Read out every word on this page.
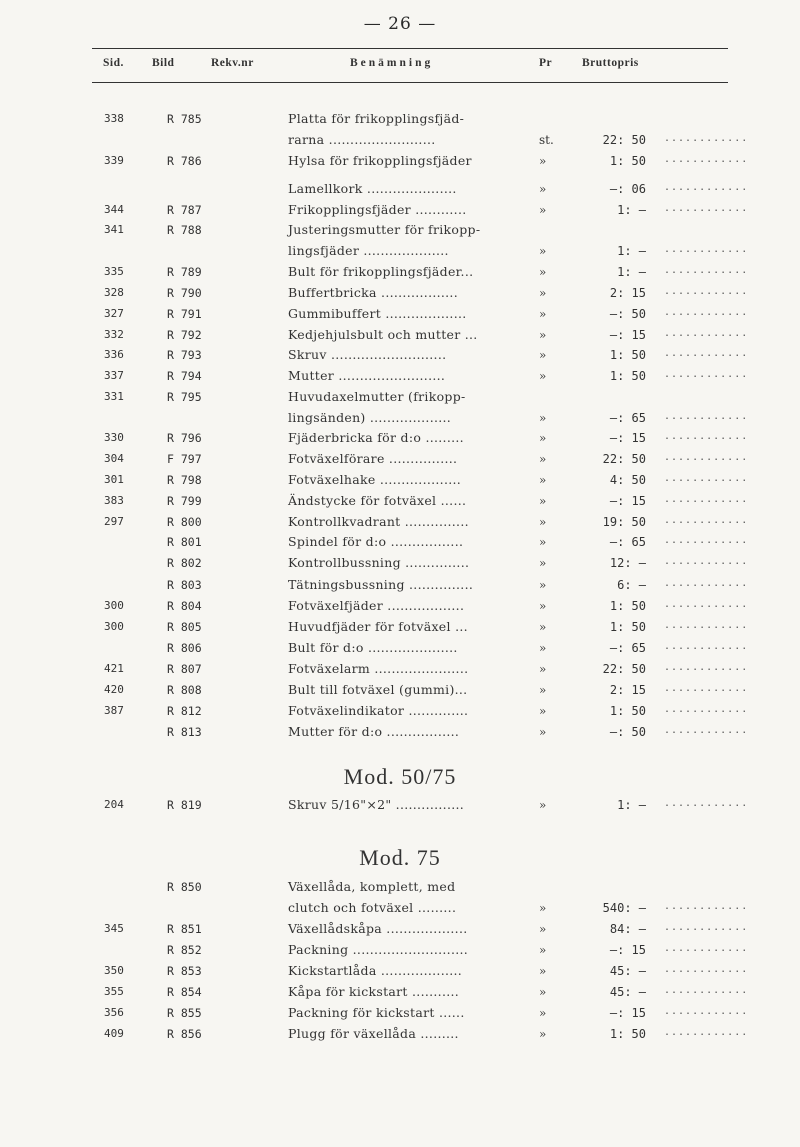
— 26 —
Sid. Bild	Rekv.nr	Benämning	Pr	Bruttopris
338	R 785	Platta för frikopplingsfjäd-
rarna .........................	st.	22: 50 ............
339	R 786	Hylsa för frikopplingsfjäder	»	1: 50 ............
Lamellkork .....................	»	—: 06 ............
344	R 787	Frikopplingsfjäder ............	»	1: — ............
341	R 788	Justeringsmutter för frikopp-
lingsfjäder ....................	»	1: — ............
335	R 789	Bult för frikopplingsfjäder...	»	1: — ............
328	R 790	Buffertbricka ..................	»	2: 15 ............
327	R 791	Gummibuffert ...................	»	—: 50 ............
332	R 792	Kedjehjulsbult och mutter ...	»	—: 15 ............
336	R 793	Skruv ...........................	»	1: 50 ............
337	R 794	Mutter .........................	»	1: 50 ............
331	R 795	Huvudaxelmutter (frikopp-
lingsänden) ...................	»	—: 65 ............
330	R 796	Fjäderbricka för d:o .........	»	—: 15 ............
304	F 797	Fotväxelförare ................	»	22: 50 ............
301	R 798	Fotväxelhake ...................	»	4: 50 ............
383	R 799	Ändstycke för fotväxel ......	»	—: 15 ............
297	R 800	Kontrollkvadrant ...............	»	19: 50 ............
R 801	Spindel för d:o .................	»	—: 65 ............
R 802	Kontrollbussning ...............	»	12: — ............
R 803	Tätningsbussning ...............	»	6: — ............
300	R 804	Fotväxelfjäder ..................	»	1: 50 ............
300	R 805	Huvudfjäder för fotväxel ...	»	1: 50 ............
R 806	Bult för d:o .....................	»	—: 65 ............
421	R 807	Fotväxelarm ......................	»	22: 50 ............
420	R 808	Bult till fotväxel (gummi)...	»	2: 15 ............
387	R 812	Fotväxelindikator ..............	»	1: 50 ............
R 813	Mutter för d:o .................	»	—: 50 ............
204	R 819	Skruv 5/16"×2" ................	»	1: — ............
R 850	Växellåda, komplett, med
clutch och fotväxel .........	»	540: — ............
345	R 851	Växellådskåpa ...................	»	84: — ............
R 852	Packning ...........................	»	—: 15 ............
350	R 853	Kickstartlåda ...................	»	45: — ............
355	R 854	Kåpa för kickstart ...........	»	45: — ............
356	R 855	Packning för kickstart ......	»	—: 15 ............
409	R 856	Plugg för växellåda .........	»	1: 50 ............
Mod. 50/75
Mod. 75
